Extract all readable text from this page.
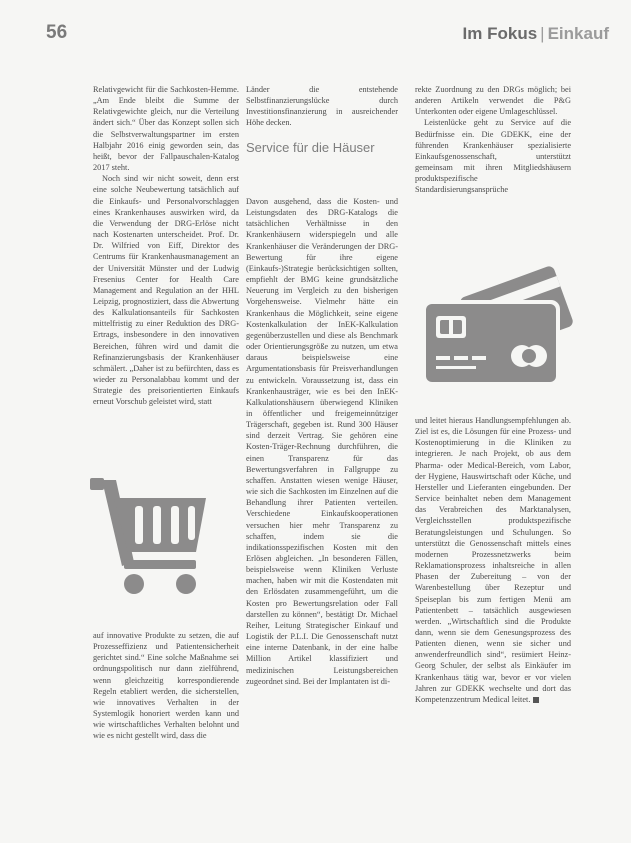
56	Im Fokus | Einkauf

Relativgewicht für die Sachkosten-Hemme. „Am Ende bleibt die Summe der Relativgewichte gleich, nur die Verteilung ändert sich.“ Über das Konzept sollen sich die Selbstverwaltungspartner im ersten Halbjahr 2016 einig geworden sein, das heißt, bevor der Fallpauschalen-Katalog 2017 steht.

Noch sind wir nicht soweit, denn erst eine solche Neubewertung tatsächlich auf die Einkaufs- und Personalvorschlaggen eines Krankenhauses auswirken wird, da die Verwendung der DRG-Erlöse nicht nach Kostenarten unterscheidet. Prof. Dr. Dr. Wilfried von Eiff, Direktor des Centrums für Krankenhausmanagement an der Universität Münster und der Ludwig Fresenius Center for Health Care Management and Regulation an der HHL Leipzig, prognostiziert, dass die Abwertung des Kalkulationsanteils für Sachkosten mittelfristig zu einer Reduktion des DRG-Ertrags, insbesondere in den innovativen Bereichen, führen wird und damit die Refinanzierungsbasis der Krankenhäuser schmälert. „Daher ist zu befürchten, dass es wieder zu Personalabbau kommt und der Strategie des preisorientierten Einkaufs erneut Vorschub geleistet wird, statt

auf innovative Produkte zu setzen, die auf Prozesseffizienz und Patientensicherheit gerichtet sind.“ Eine solche Maßnahme sei ordnungspolitisch nur dann zielführend, wenn gleichzeitig korrespondierende Regeln etabliert werden, die sicherstellen, wie innovatives Verhalten in der Systemlogik honoriert werden kann und wie wirtschaftliches Verhalten belohnt und wie es nicht gestellt wird, dass die

Länder die entstehende Selbstfinanzierungslücke durch Investitionsfinanzierung in ausreichender Höhe decken.

Service für die Häuser

Davon ausgehend, dass die Kosten- und Leistungsdaten des DRG-Katalogs die tatsächlichen Verhältnisse in den Krankenhäusern widerspiegeln und alle Krankenhäuser die Veränderungen der DRG-Bewertung für ihre eigene (Einkaufs-)Strategie berücksichtigen sollten, empfiehlt der BMG keine grundsätzliche Neuerung im Vergleich zu den bisherigen Vorgehensweise. Vielmehr hätte ein Krankenhaus die Möglichkeit, seine eigene Kostenkalkulation der InEK-Kalkulation gegenüberzustellen und diese als Benchmark oder Orientierungsgröße zu nutzen, um etwa daraus beispielsweise eine Argumentationsbasis für Preisverhandlungen zu entwickeln. Voraussetzung ist, dass ein Krankenhausträger, wie es bei den InEK-Kalkulationshäusern überwiegend Kliniken in öffentlicher und freigemeinnütziger Trägerschaft, gegeben ist. Rund 300 Häuser sind derzeit Vertrag. Sie gehören eine Kosten-Träger-Rechnung durchführen, die einen Transparenz für das Bewertungsverfahren in Fallgruppe zu schaffen. Anstatten wiesen wenige Häuser, wie sich die Sachkosten im Einzelnen auf die Behandlung ihrer Patienten verteilen. Verschiedene Einkaufskooperationen versuchen hier mehr Transparenz zu schaffen, indem sie die indikationsspezifischen Kosten mit den Erlösen abgleichen. „In besonderen Fällen, beispielsweise wenn Kliniken Verluste machen, haben wir mit die Kostendaten mit den Erlösdaten zusammengeführt, um die Kosten pro Bewertungsrelation oder Fall darstellen zu können“, bestätigt Dr. Michael Reiher, Leitung Strategischer Einkauf und Logistik der P.L.I. Die Genossenschaft nutzt eine interne Datenbank, in der eine halbe Million Artikel klassifiziert und medizinischen Leistungsbereichen zugeordnet sind. Bei der Implantaten ist di-

rekte Zuordnung zu den DRGs möglich; bei anderen Artikeln verwendet die P&G Unterkonten oder eigene Umlageschlüssel.

Leistenlücke geht zu Service auf die Bedürfnisse ein. Die GDEKK, eine der führenden Krankenhäuser spezialisierte Einkaufsgenossenschaft, unterstützt gemeinsam mit ihren Mitgliedshäusern produktspezifische Standardisierungsansprüche

und leitet hieraus Handlungsempfehlungen ab. Ziel ist es, die Lösungen für eine Prozess- und Kostenoptimierung in die Kliniken zu integrieren. Je nach Projekt, ob aus dem Pharma- oder Medical-Bereich, vom Labor, der Hygiene, Hauswirtschaft oder Küche, und Hersteller und Lieferanten eingebunden. Der Service beinhaltet neben dem Management das Verabreichen des Marktanalysen, Vergleichsstellen produktspezifische Beratungsleistungen und Schulungen. So unterstützt die Genossenschaft mittels eines modernen Prozessnetzwerks beim Reklamationsprozess inhaltsreiche in allen Phasen der Zubereitung – von der Warenbestellung über Rezeptur und Speiseplan bis zum fertigen Menü am Patientenbett – tatsächlich ausgewiesen werden. „Wirtschaftlich sind die Produkte dann, wenn sie dem Genesungsprozess des Patienten dienen, wenn sie sicher und anwenderfreundlich sind“, resümiert Heinz-Georg Schuler, der selbst als Einkäufer im Krankenhaus tätig war, bevor er vor vielen Jahren zur GDEKK wechselte und dort das Kompetenzzentrum Medical leitet.
